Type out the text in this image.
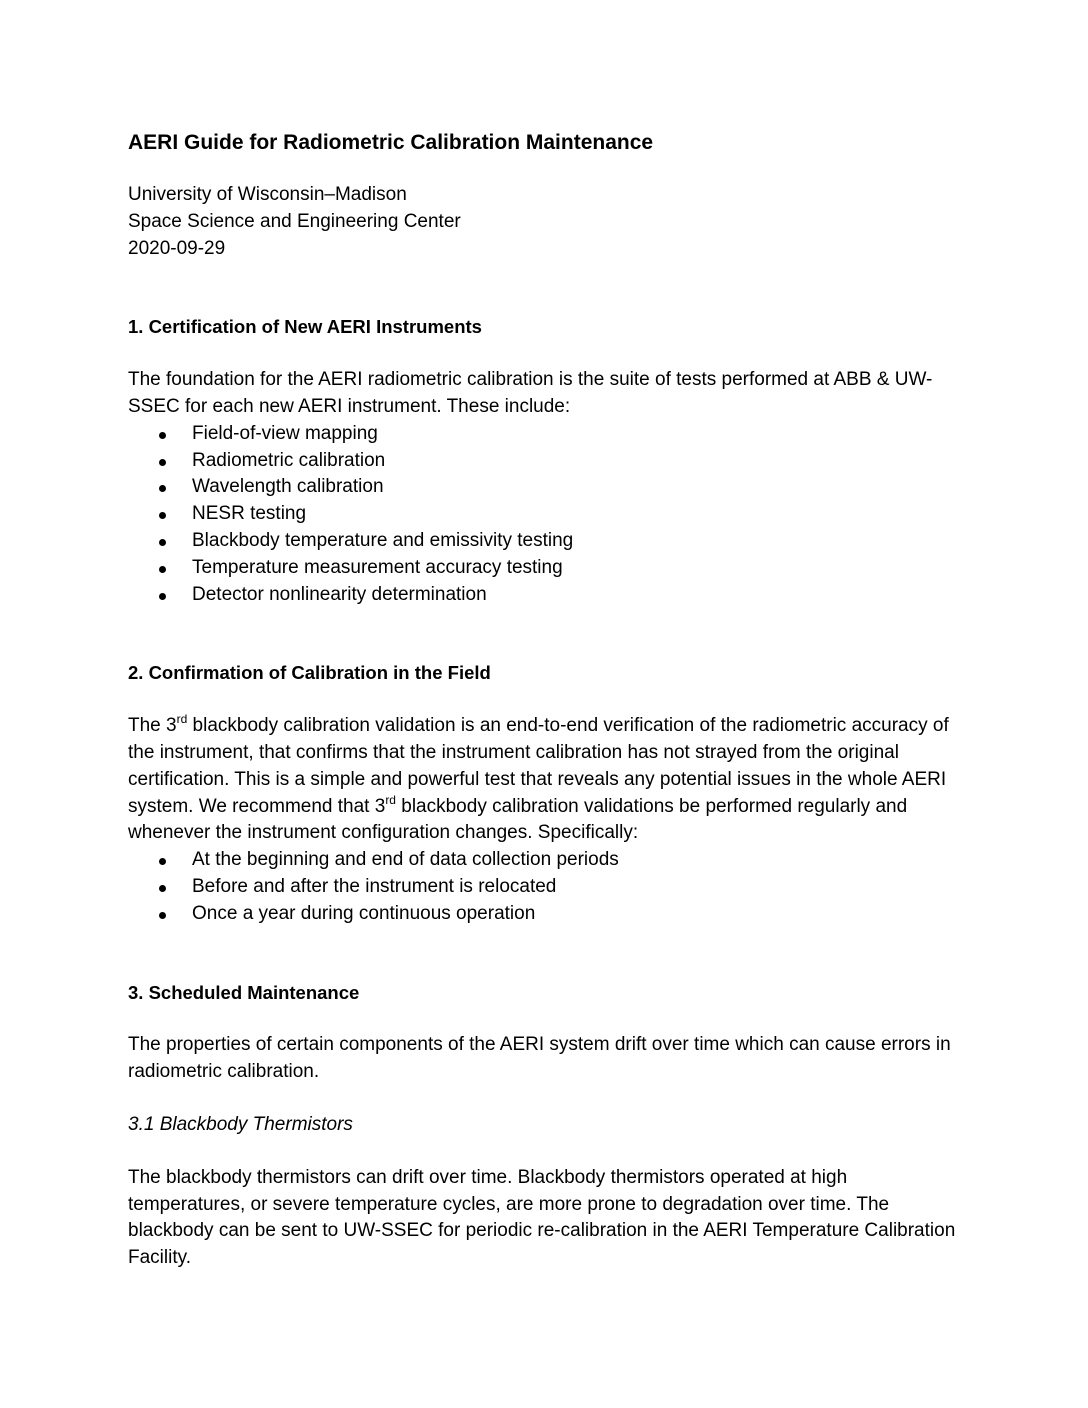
AERI Guide for Radiometric Calibration Maintenance
University of Wisconsin–Madison
Space Science and Engineering Center
2020-09-29
1. Certification of New AERI Instruments

The foundation for the AERI radiometric calibration is the suite of tests performed at ABB & UW-SSEC for each new AERI instrument. These include:

Field-of-view mapping
Radiometric calibration
Wavelength calibration
NESR testing
Blackbody temperature and emissivity testing
Temperature measurement accuracy testing
Detector nonlinearity determination
2. Confirmation of Calibration in the Field

The 3rd blackbody calibration validation is an end-to-end verification of the radiometric accuracy of the instrument, that confirms that the instrument calibration has not strayed from the original certification. This is a simple and powerful test that reveals any potential issues in the whole AERI system. We recommend that 3rd blackbody calibration validations be performed regularly and whenever the instrument configuration changes. Specifically:

At the beginning and end of data collection periods
Before and after the instrument is relocated
Once a year during continuous operation
3. Scheduled Maintenance

The properties of certain components of the AERI system drift over time which can cause errors in radiometric calibration.

3.1 Blackbody Thermistors

The blackbody thermistors can drift over time. Blackbody thermistors operated at high temperatures, or severe temperature cycles, are more prone to degradation over time. The blackbody can be sent to UW-SSEC for periodic re-calibration in the AERI Temperature Calibration Facility.
